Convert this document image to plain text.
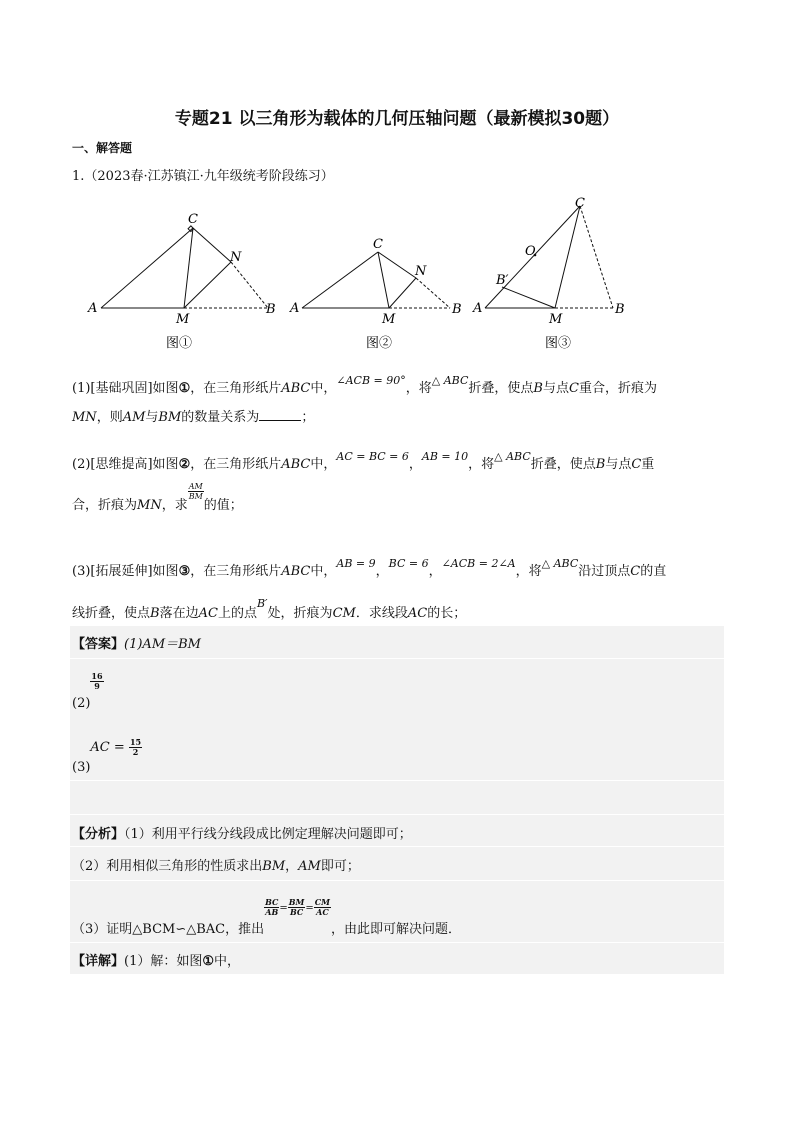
专题21 以三角形为载体的几何压轴问题（最新模拟30题）
一、解答题
1.（2023春·江苏镇江·九年级统考阶段练习）
A
C
N
M
B
图①
A
C
N
M
B
图②
A
C
O
B′
M
B
图③
(1)[基础巩固]如图①，在三角形纸片ABC中，$^{\angle ACB = 90^\circ}$，将$^{\triangle ABC}$折叠，使点B与点C重合，折痕为
MN，则AM与BM的数量关系为	；
(2)[思维提高]如图②，在三角形纸片ABC中，$^{AC = BC = 6}$，$^{AB = 10}$，将$^{\triangle ABC}$折叠，使点B与点C重
合，折痕为MN，求
$\frac{AM}{BM}$
的值；
(3)[拓展延伸]如图③，在三角形纸片ABC中，$^{AB = 9}$，$^{BC = 6}$，$^{\angle ACB = 2\angle A}$，将$^{\triangle ABC}$沿过顶点C的直
线折叠，使点B落在边AC上的点$^{B'}$处，折痕为CM．求线段AC的长；
【答案】(1)AM＝BM
(2)
$\frac{16}{9}$
$(3)AC = \frac{15}{2}$
【分析】（1）利用平行线分线段成比例定理解决问题即可；
（2）利用相似三角形的性质求出BM，AM即可；
（3）证明△BCM∽△BAC，推出
$\frac{BC}{AB} = \frac{BM}{BC} = \frac{CM}{AC}$
，由此即可解决问题．
【详解】(1）解：如图①中，
